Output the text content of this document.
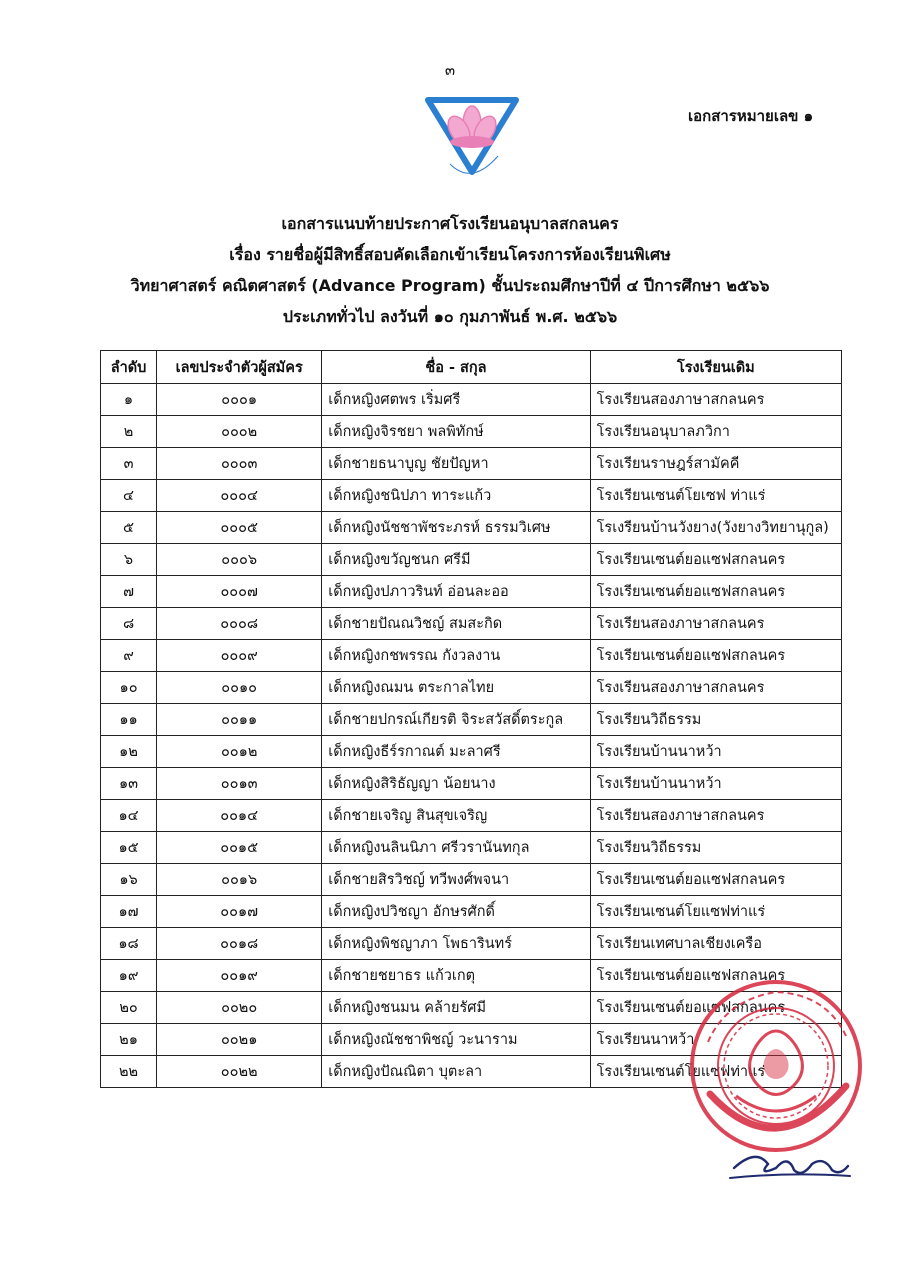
๓
เอกสารหมายเลข ๑
เอกสารแนบท้ายประกาศโรงเรียนอนุบาลสกลนคร
เรื่อง รายชื่อผู้มีสิทธิ์สอบคัดเลือกเข้าเรียนโครงการห้องเรียนพิเศษ
วิทยาศาสตร์ คณิตศาสตร์ (Advance Program) ชั้นประถมศึกษาปีที่ ๔ ปีการศึกษา ๒๕๖๖
ประเภททั่วไป ลงวันที่ ๑๐ กุมภาพันธ์ พ.ศ. ๒๕๖๖
ลำดับ	เลขประจำตัวผู้สมัคร	ชื่อ - สกุล	โรงเรียนเดิม
๑	๐๐๐๑	เด็กหญิงศตพร เริ่มศรี	โรงเรียนสองภาษาสกลนคร
๒	๐๐๐๒	เด็กหญิงจิรชยา พลพิทักษ์	โรงเรียนอนุบาลภวิกา
๓	๐๐๐๓	เด็กชายธนาบูญ ชัยปัญหา	โรงเรียนราษฎร์สามัคคี
๔	๐๐๐๔	เด็กหญิงชนิปภา ทาระแก้ว	โรงเรียนเซนต์โยเซฟ ท่าแร่
๕	๐๐๐๕	เด็กหญิงนัชชาพัชระภรห์ ธรรมวิเศษ	โรเงรียนบ้านวังยาง(วังยางวิทยานุกูล)
๖	๐๐๐๖	เด็กหญิงขวัญชนก ศรีมี	โรงเรียนเซนต์ยอแซฟสกลนคร
๗	๐๐๐๗	เด็กหญิงปภาวรินท์ อ่อนละออ	โรงเรียนเซนต์ยอแซฟสกลนคร
๘	๐๐๐๘	เด็กชายปัณณวิชญ์ สมสะกิด	โรงเรียนสองภาษาสกลนคร
๙	๐๐๐๙	เด็กหญิงกชพรรณ กังวลงาน	โรงเรียนเซนต์ยอแซฟสกลนคร
๑๐	๐๐๑๐	เด็กหญิงณมน ตระกาลไทย	โรงเรียนสองภาษาสกลนคร
๑๑	๐๐๑๑	เด็กชายปกรณ์เกียรติ จิระสวัสดิ์ตระกูล	โรงเรียนวิถีธรรม
๑๒	๐๐๑๒	เด็กหญิงธีร์รกาณต์ มะลาศรี	โรงเรียนบ้านนาหว้า
๑๓	๐๐๑๓	เด็กหญิงสิริธัญญา น้อยนาง	โรงเรียนบ้านนาหว้า
๑๔	๐๐๑๔	เด็กชายเจริญ สินสุขเจริญ	โรงเรียนสองภาษาสกลนคร
๑๕	๐๐๑๕	เด็กหญิงนลินนิภา ศรีวรานันทกุล	โรงเรียนวิถีธรรม
๑๖	๐๐๑๖	เด็กชายสิรวิชญ์ ทวีพงศ์พจนา	โรงเรียนเซนต์ยอแซฟสกลนคร
๑๗	๐๐๑๗	เด็กหญิงปวิชญา อักษรศักดิ์	โรงเรียนเซนต์โยแซฟท่าแร่
๑๘	๐๐๑๘	เด็กหญิงพิชญาภา โพธารินทร์	โรงเรียนเทศบาลเชียงเครือ
๑๙	๐๐๑๙	เด็กชายชยาธร แก้วเกตุ	โรงเรียนเซนต์ยอแซฟสกลนคร
๒๐	๐๐๒๐	เด็กหญิงชนมน คล้ายรัศมี	โรงเรียนเซนต์ยอแซฟสกลนคร
๒๑	๐๐๒๑	เด็กหญิงณัชชาพิชญ์ วะนาราม	โรงเรียนนาหว้า
๒๒	๐๐๒๒	เด็กหญิงปัณณิตา บุตะลา	โรงเรียนเซนต์โยแซฟท่าแร่
